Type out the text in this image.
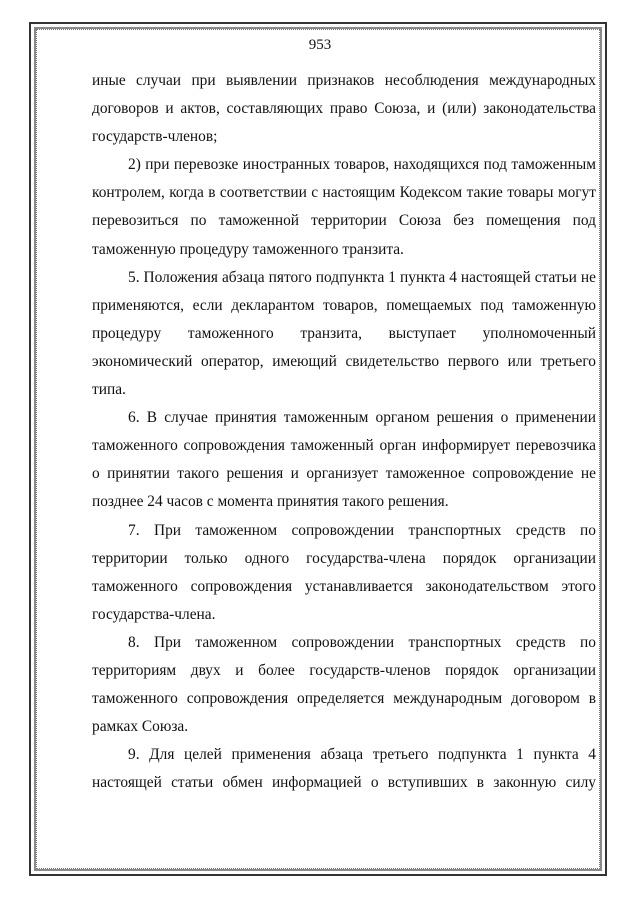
953

иные случаи при выявлении признаков несоблюдения международных договоров и актов, составляющих право Союза, и (или) законодательства государств-членов;

2) при перевозке иностранных товаров, находящихся под таможенным контролем, когда в соответствии с настоящим Кодексом такие товары могут перевозиться по таможенной территории Союза без помещения под таможенную процедуру таможенного транзита.

5. Положения абзаца пятого подпункта 1 пункта 4 настоящей статьи не применяются, если декларантом товаров, помещаемых под таможенную процедуру таможенного транзита, выступает уполномоченный экономический оператор, имеющий свидетельство первого или третьего типа.

6. В случае принятия таможенным органом решения о применении таможенного сопровождения таможенный орган информирует перевозчика о принятии такого решения и организует таможенное сопровождение не позднее 24 часов с момента принятия такого решения.

7. При таможенном сопровождении транспортных средств по территории только одного государства-члена порядок организации таможенного сопровождения устанавливается законодательством этого государства-члена.

8. При таможенном сопровождении транспортных средств по территориям двух и более государств-членов порядок организации таможенного сопровождения определяется международным договором в рамках Союза.

9. Для целей применения абзаца третьего подпункта 1 пункта 4 настоящей статьи обмен информацией о вступивших в законную силу
